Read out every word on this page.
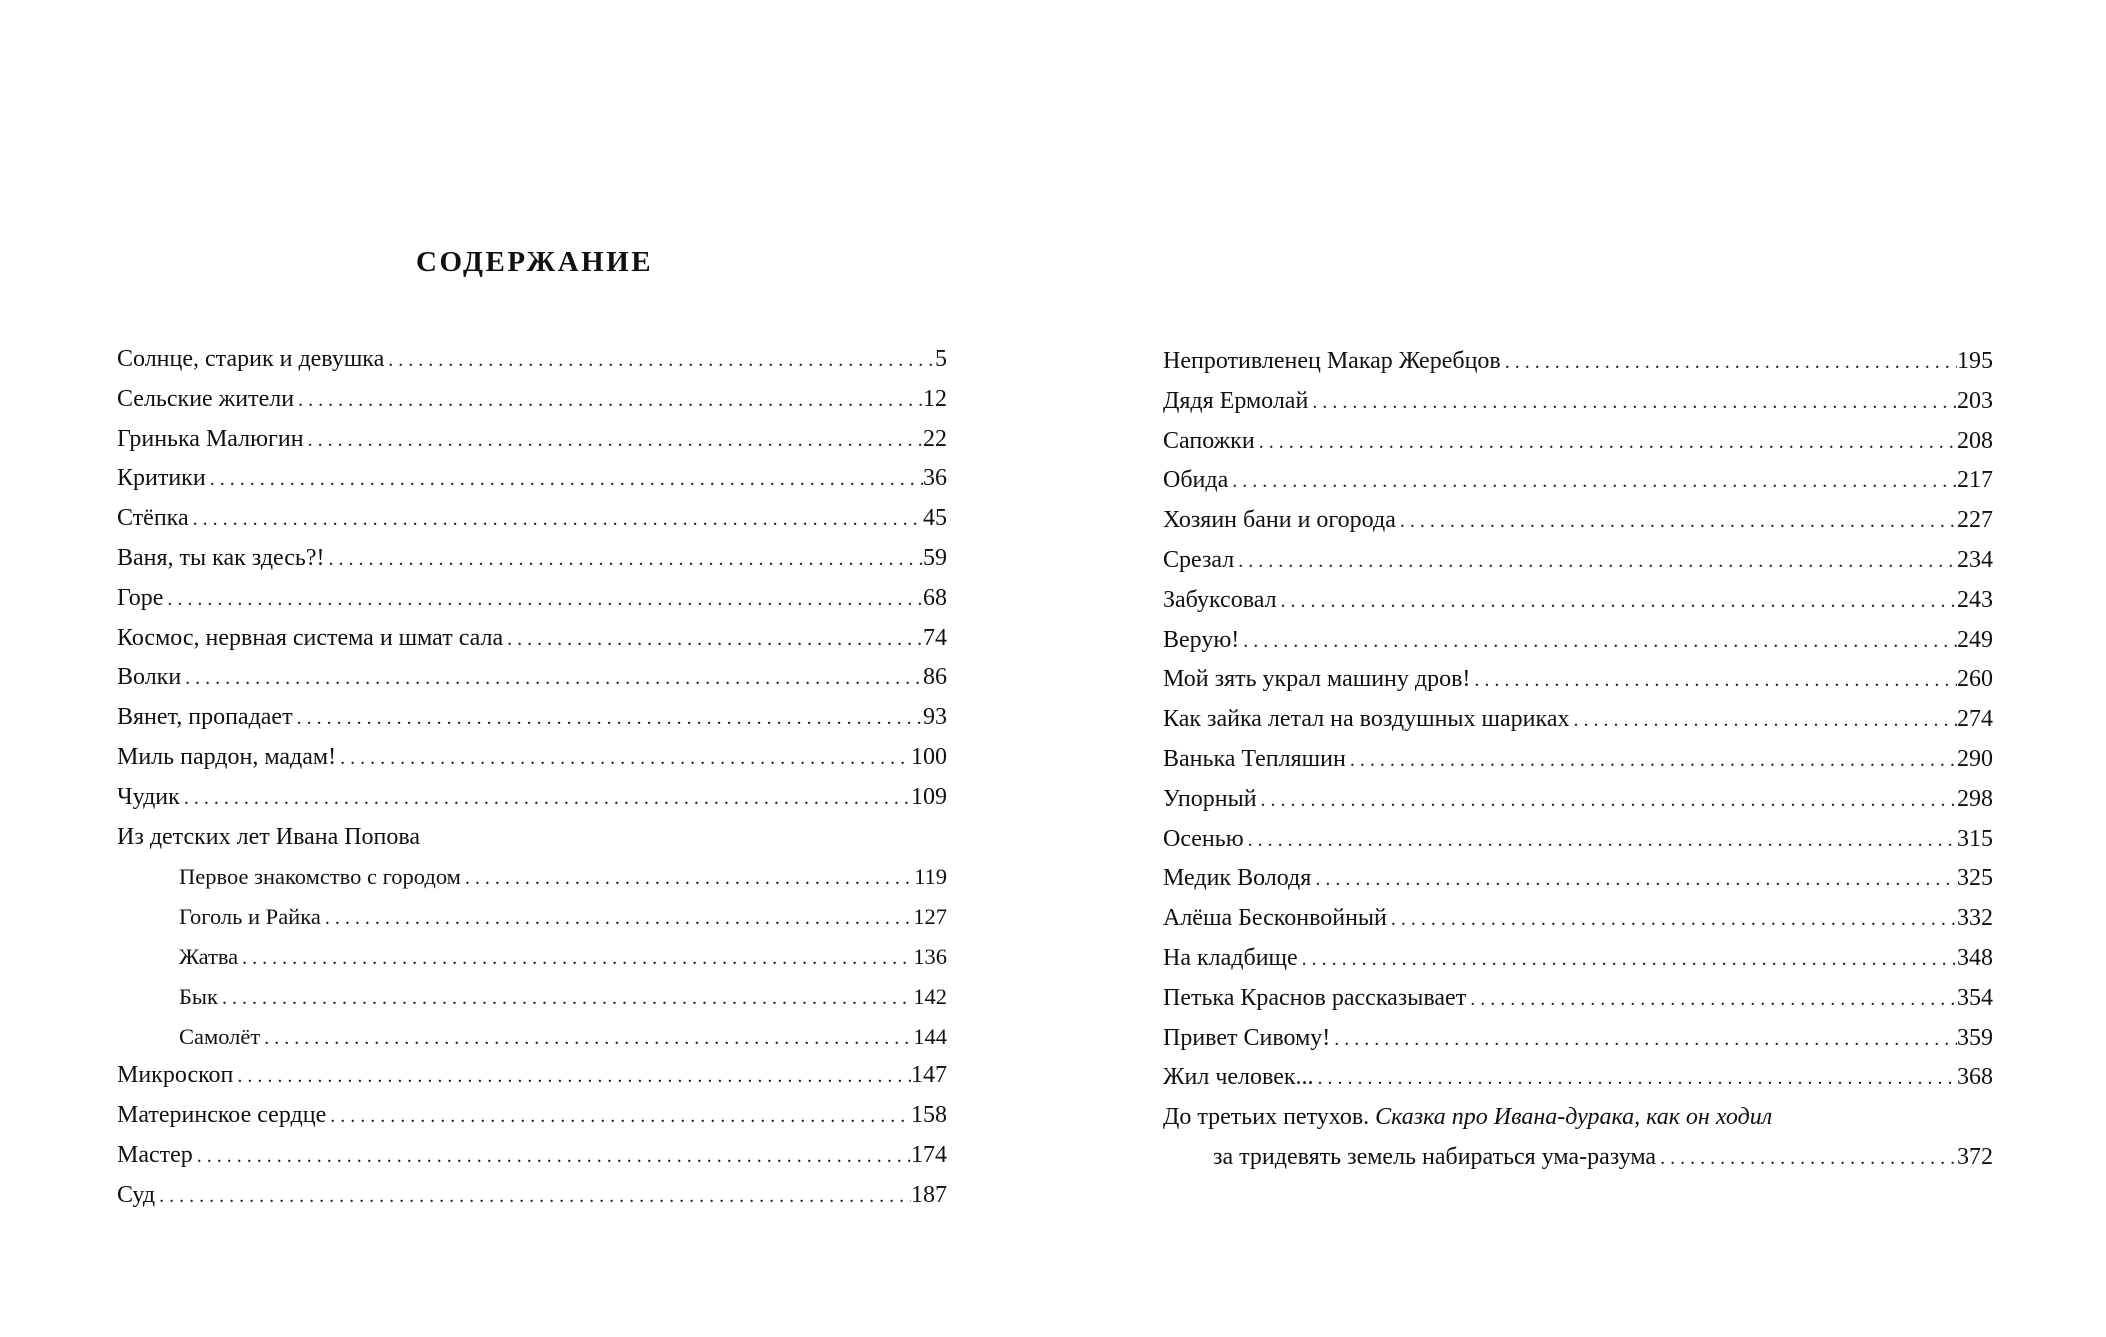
СОДЕРЖАНИЕ
Солнце, старик и девушка . . .	5
Сельские жители . . .	12
Гринька Малюгин . . .	22
Критики . . .	36
Стёпка . . .	45
Ваня, ты как здесь?! . . .	59
Горе . . .	68
Космос, нервная система и шмат сала . . .	74
Волки . . .	86
Вянет, пропадает . . .	93
Миль пардон, мадам! . . .	100
Чудик . . .	109
Из детских лет Ивана Попова
Первое знакомство с городом . . .	119
Гоголь и Райка . . .	127
Жатва . . .	136
Бык . . .	142
Самолёт . . .	144
Микроскоп . . .	147
Материнское сердце . . .	158
Мастер . . .	174
Суд . . .	187
Непротивленец Макар Жеребцов . . .	195
Дядя Ермолай . . .	203
Сапожки . . .	208
Обида . . .	217
Хозяин бани и огорода . . .	227
Срезал . . .	234
Забуксовал . . .	243
Верую! . . .	249
Мой зять украл машину дров! . . .	260
Как зайка летал на воздушных шариках . . .	274
Ванька Тепляшин . . .	290
Упорный . . .	298
Осенью . . .	315
Медик Володя . . .	325
Алёша Бесконвойный . . .	332
На кладбище . . .	348
Петька Краснов рассказывает . . .	354
Привет Сивому! . . .	359
Жил человек... . . .	368
До третьих петухов. Сказка про Ивана-дурака, как он ходил
за тридевять земель набираться ума-разума . . .	372
